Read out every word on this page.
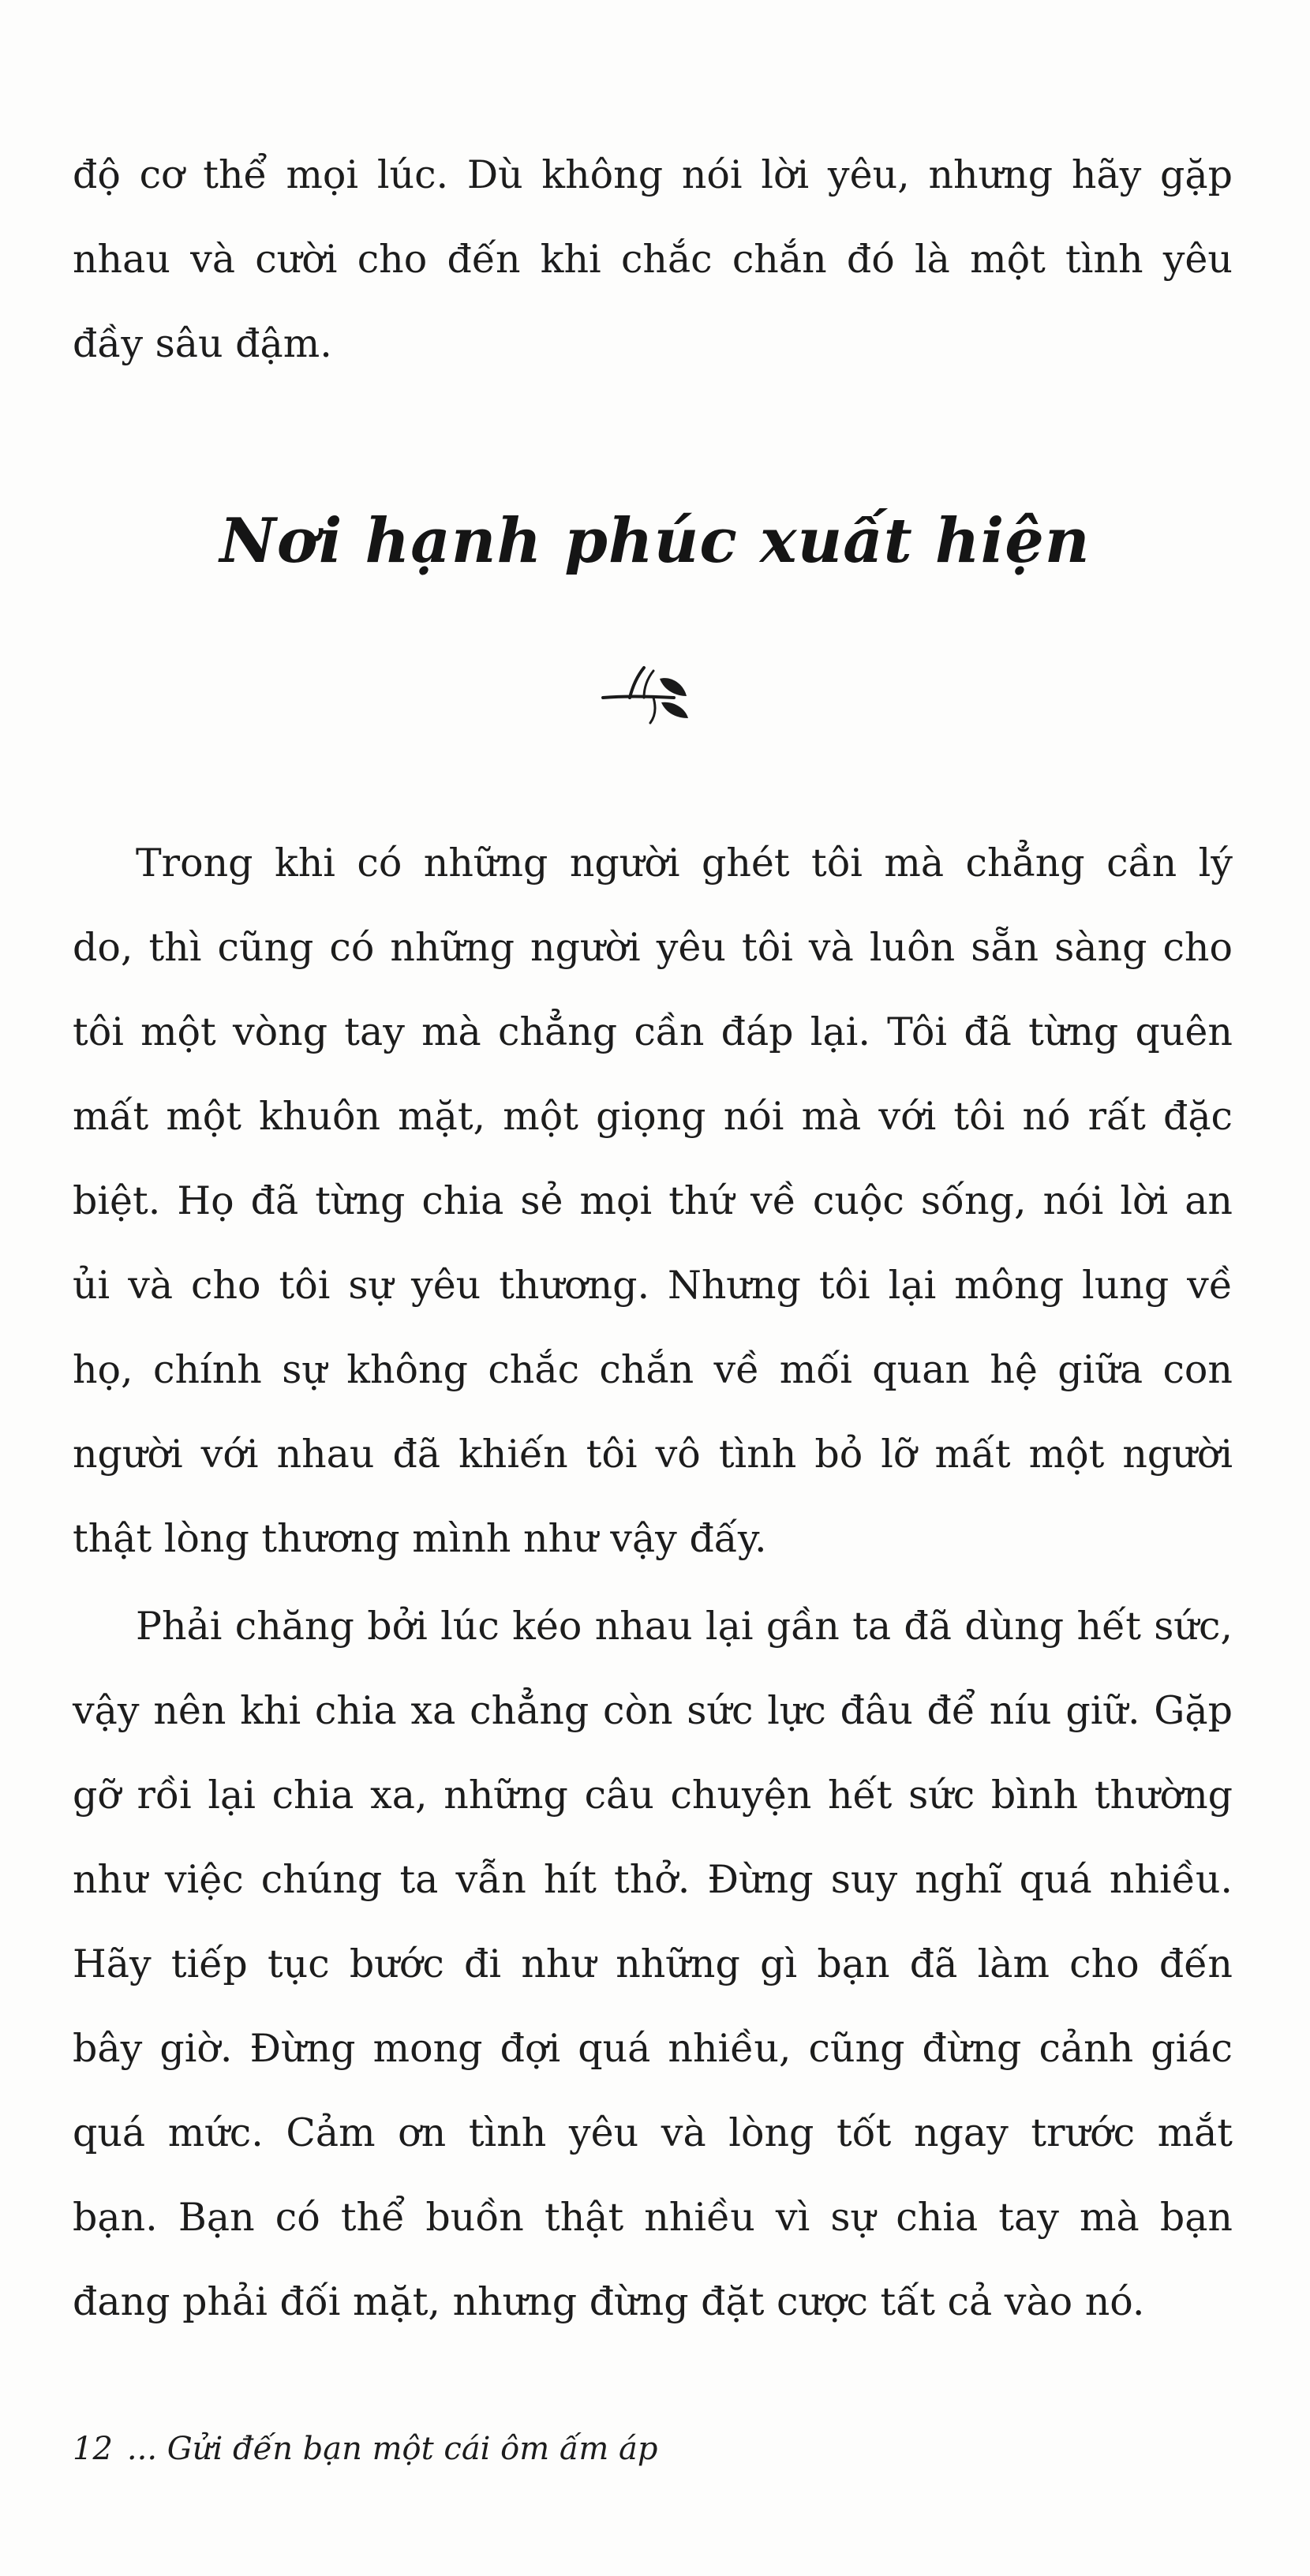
độ cơ thể mọi lúc. Dù không nói lời yêu, nhưng hãy gặp
nhau và cười cho đến khi chắc chắn đó là một tình yêu
đầy sâu đậm.

Nơi hạnh phúc xuất hiện

Trong khi có những người ghét tôi mà chẳng cần lý
do, thì cũng có những người yêu tôi và luôn sẵn sàng cho
tôi một vòng tay mà chẳng cần đáp lại. Tôi đã từng quên
mất một khuôn mặt, một giọng nói mà với tôi nó rất đặc
biệt. Họ đã từng chia sẻ mọi thứ về cuộc sống, nói lời an
ủi và cho tôi sự yêu thương. Nhưng tôi lại mông lung về
họ, chính sự không chắc chắn về mối quan hệ giữa con
người với nhau đã khiến tôi vô tình bỏ lỡ mất một người
thật lòng thương mình như vậy đấy.

Phải chăng bởi lúc kéo nhau lại gần ta đã dùng hết sức,
vậy nên khi chia xa chẳng còn sức lực đâu để níu giữ. Gặp
gỡ rồi lại chia xa, những câu chuyện hết sức bình thường
như việc chúng ta vẫn hít thở. Đừng suy nghĩ quá nhiều.
Hãy tiếp tục bước đi như những gì bạn đã làm cho đến
bây giờ. Đừng mong đợi quá nhiều, cũng đừng cảnh giác
quá mức. Cảm ơn tình yêu và lòng tốt ngay trước mắt
bạn. Bạn có thể buồn thật nhiều vì sự chia tay mà bạn
đang phải đối mặt, nhưng đừng đặt cược tất cả vào nó.

12 ... Gửi đến bạn một cái ôm ấm áp
